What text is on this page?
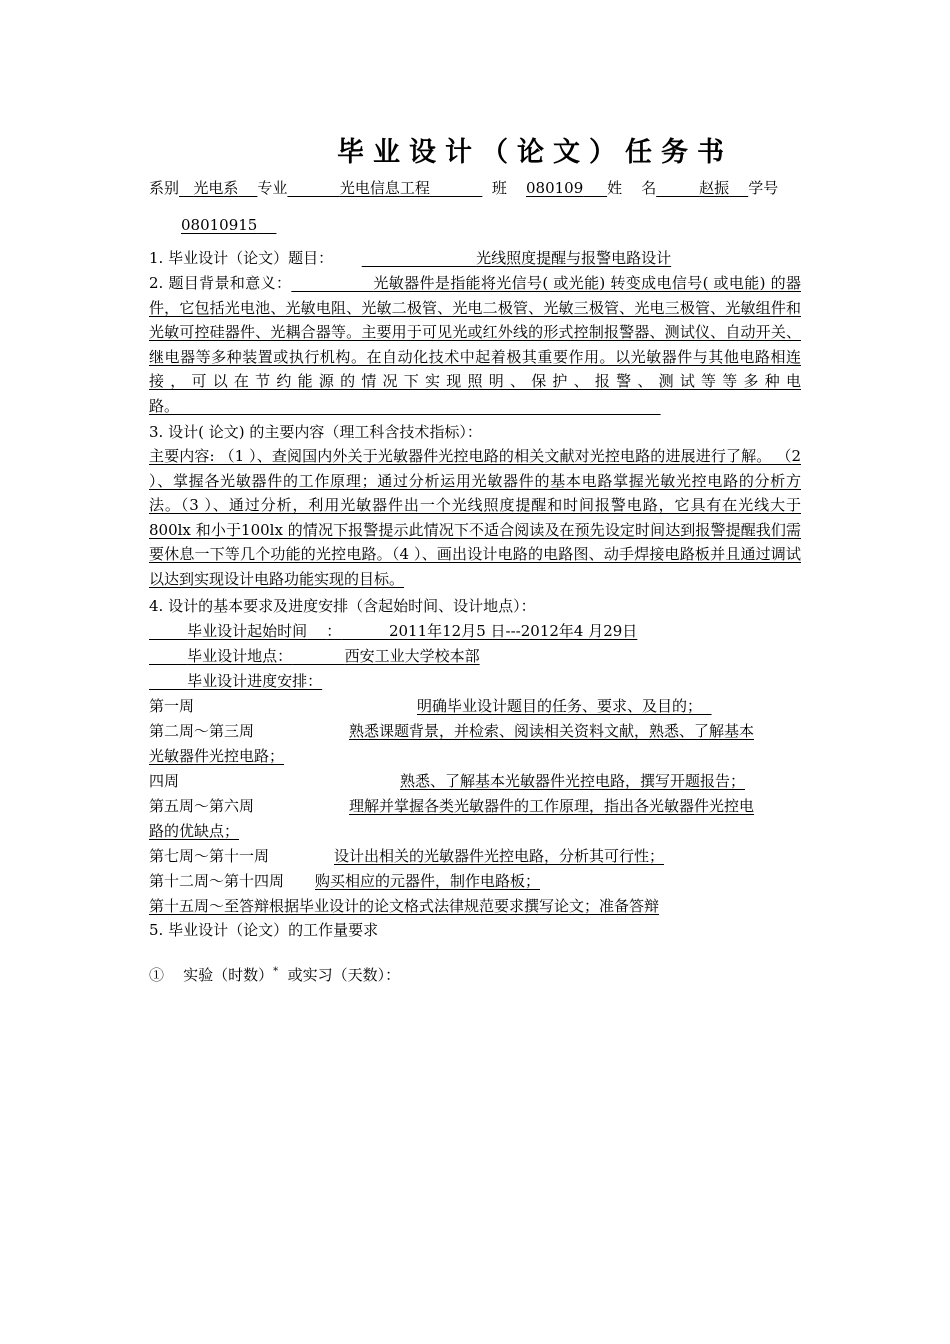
毕业设计（论文）任务书
系别 光电系 专业	光电信息工程	班 080109 姓 名	赵振 学号
08010915
1. 毕业设计（论文）题目：	光线照度提醒与报警电路设计
2. 题目背景和意义：	光敏器件是指能将光信号( 或光能) 转变成电信号( 或电能) 的器件，它包括光电池、光敏电阻、光敏二极管、光电二极管、光敏三极管、光电三极管、光敏组件和光敏可控硅器件、光耦合器等。主要用于可见光或红外线的形式控制报警器、测试仪、自动开关、继电器等多种装置或执行机构。在自动化技术中起着极其重要作用。以光敏器件与其他电路相连接，可以在节约能源的情况下实现照明、保护、报警、测试等等多种电路。
3. 设计( 论文) 的主要内容（理工科含技术指标）：
主要内容: （1 ）、查阅国内外关于光敏器件光控电路的相关文献对光控电路的进展进行了解。 （2 ）、掌握各光敏器件的工作原理；通过分析运用光敏器件的基本电路掌握光敏光控电路的分析方法。（3 ）、通过分析，利用光敏器件出一个光线照度提醒和时间报警电路，它具有在光线大于800lx 和小于100lx 的情况下报警提示此情况下不适合阅读及在预先设定时间达到报警提醒我们需要休息一下等几个功能的光控电路。（4 ）、画出设计电路的电路图、动手焊接电路板并且通过调试以达到实现设计电路功能实现的目标。
4. 设计的基本要求及进度安排（含起始时间、设计地点）：
毕业设计起始时间 ：	2011年12月5 日---2012年4 月29日
毕业设计地点：	西安工业大学校本部
毕业设计进度安排：
第一周	明确毕业设计题目的任务、要求、及目的；
第二周～第三周	熟悉课题背景，并检索、阅读相关资料文献，熟悉、了解基本
光敏器件光控电路；
四周	熟悉、了解基本光敏器件光控电路，撰写开题报告；
第五周～第六周	理解并掌握各类光敏器件的工作原理，指出各光敏器件光控电
路的优缺点；
第七周～第十一周	设计出相关的光敏器件光控电路，分析其可行性；
第十二周～第十四周 购买相应的元器件，制作电路板；
第十五周～至答辩根据毕业设计的论文格式法律规范要求撰写论文；准备答辩
5. 毕业设计（论文）的工作量要求
① 实验（时数）* 或实习（天数）：
